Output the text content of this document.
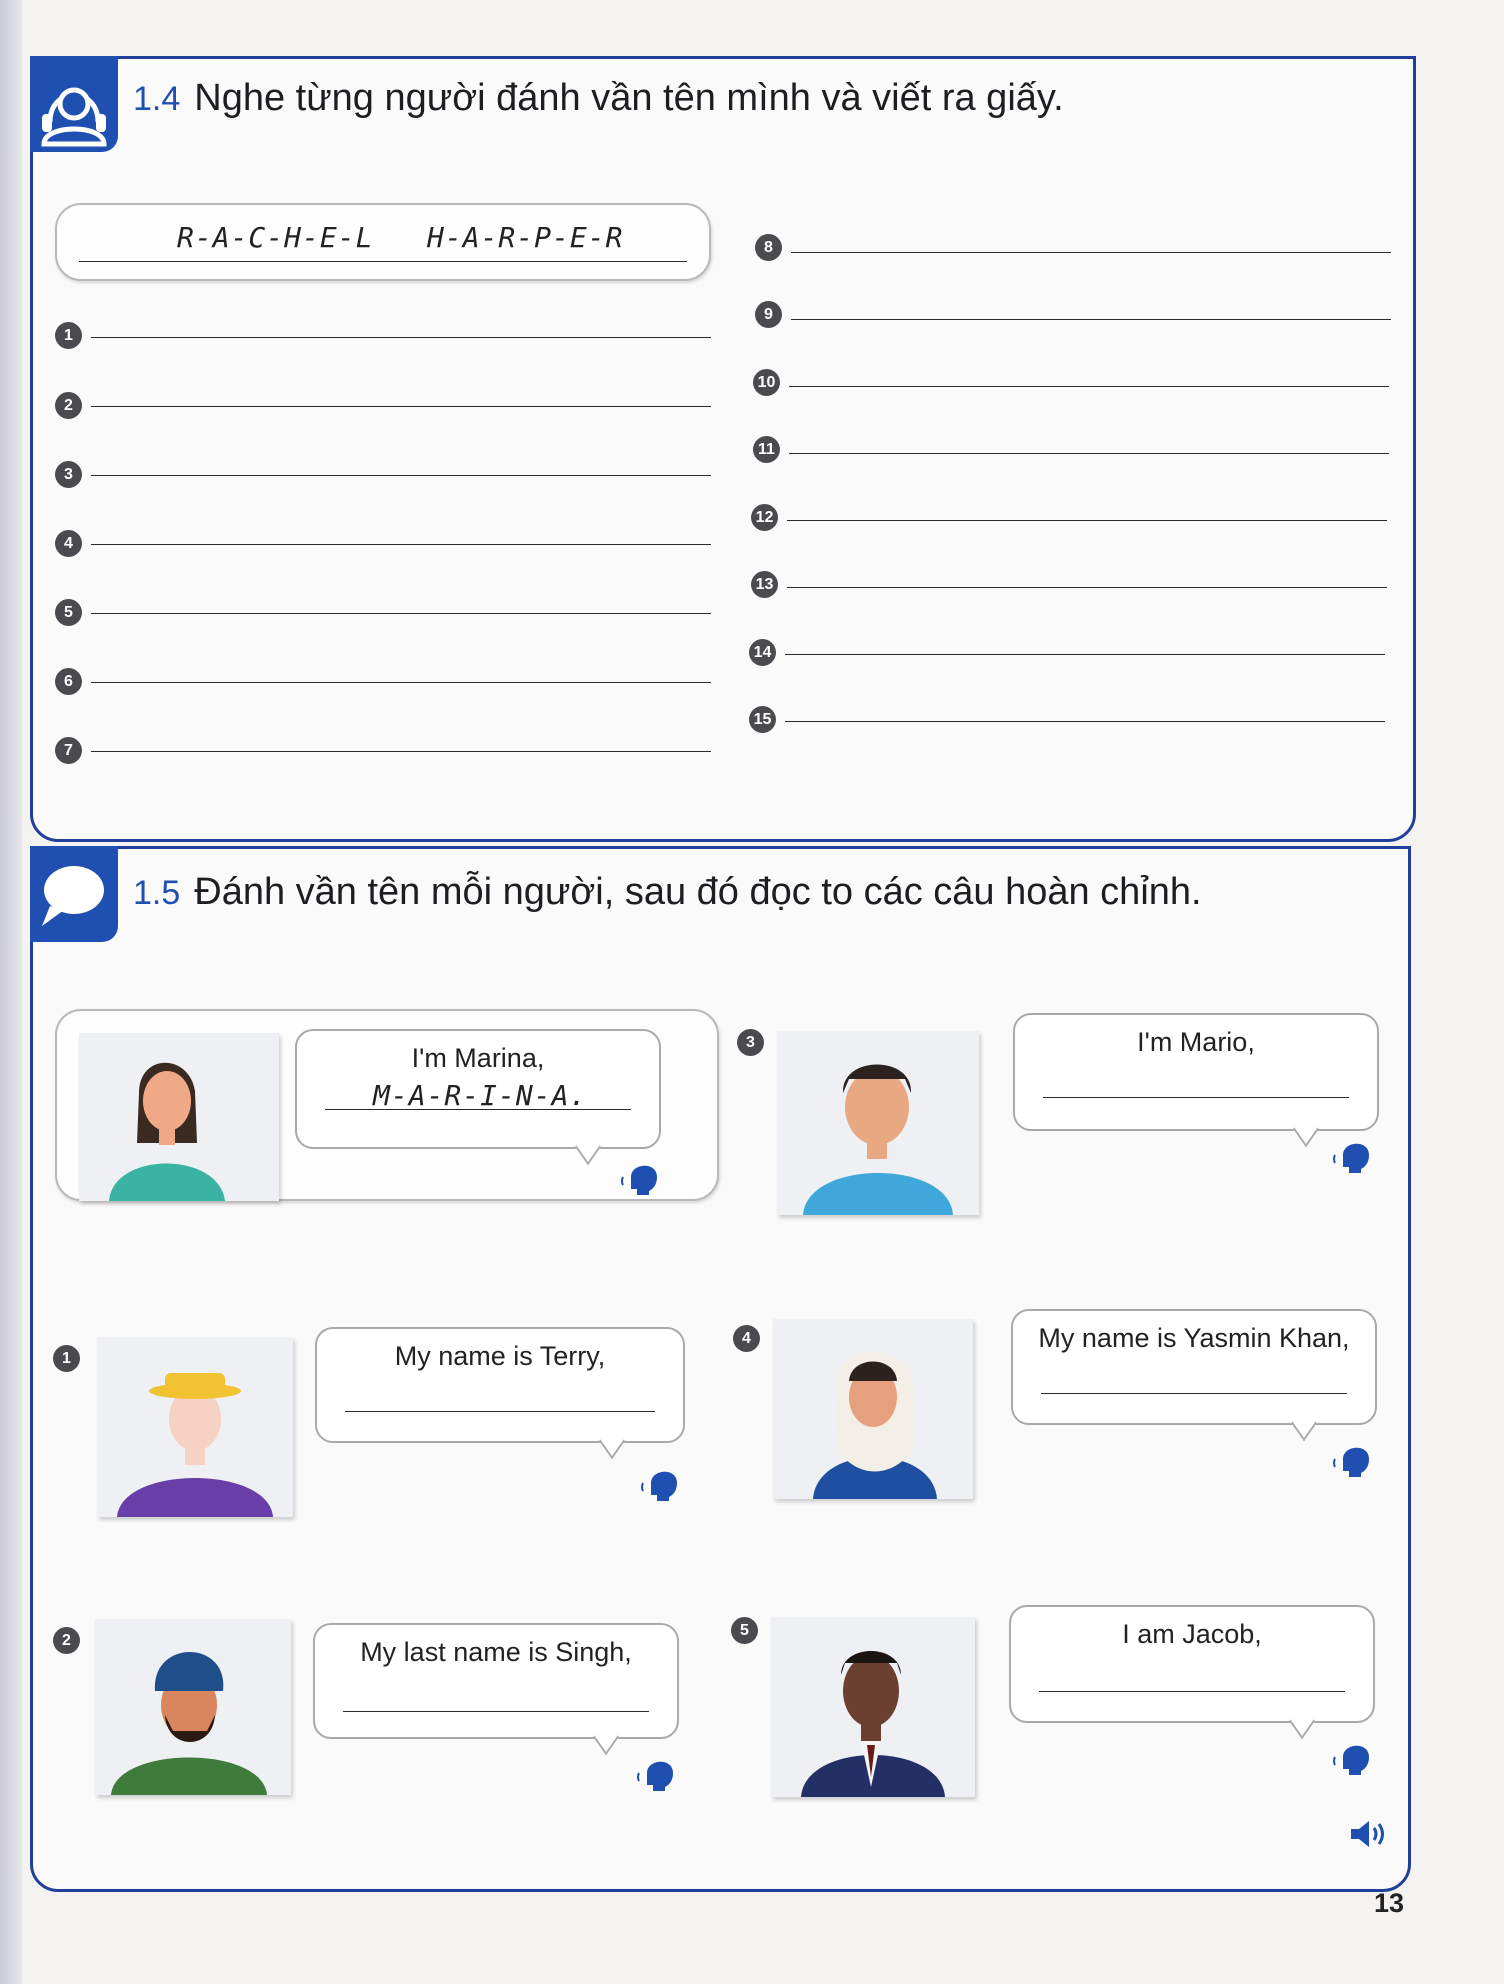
1.4 Nghe từng người đánh vần tên mình và viết ra giấy.
R-A-C-H-E-L   H-A-R-P-E-R
1
2
3
4
5
6
7
8
9
10
11
12
13
14
15
1.5 Đánh vần tên mỗi người, sau đó đọc to các câu hoàn chỉnh.
I'm Marina,
M-A-R-I-N-A.
1	My name is Terry,
2	My last name is Singh,
3	I'm Mario,
4	My name is Yasmin Khan,
5	I am Jacob,
13
